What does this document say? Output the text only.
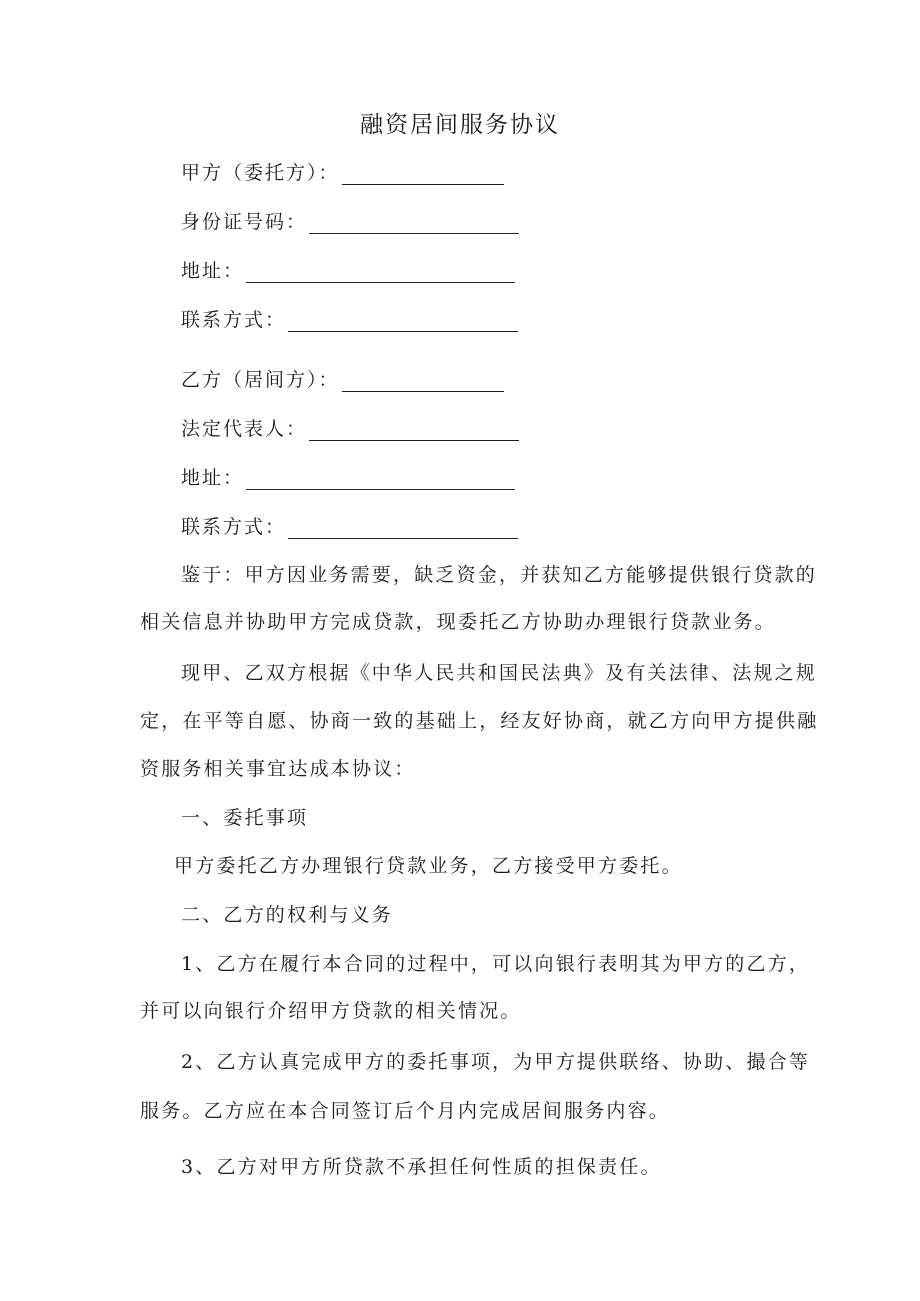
融资居间服务协议
甲方（委托方）：
身份证号码：
地址：
联系方式：
乙方（居间方）：
法定代表人：
地址：
联系方式：
鉴于：甲方因业务需要，缺乏资金，并获知乙方能够提供银行贷款的
相关信息并协助甲方完成贷款，现委托乙方协助办理银行贷款业务。
现甲、乙双方根据《中华人民共和国民法典》及有关法律、法规之规
定，在平等自愿、协商一致的基础上，经友好协商，就乙方向甲方提供融
资服务相关事宜达成本协议：
一、委托事项
甲方委托乙方办理银行贷款业务，乙方接受甲方委托。
二、乙方的权利与义务
1、乙方在履行本合同的过程中，可以向银行表明其为甲方的乙方，
并可以向银行介绍甲方贷款的相关情况。
2、乙方认真完成甲方的委托事项，为甲方提供联络、协助、撮合等
服务。乙方应在本合同签订后个月内完成居间服务内容。
3、乙方对甲方所贷款不承担任何性质的担保责任。
